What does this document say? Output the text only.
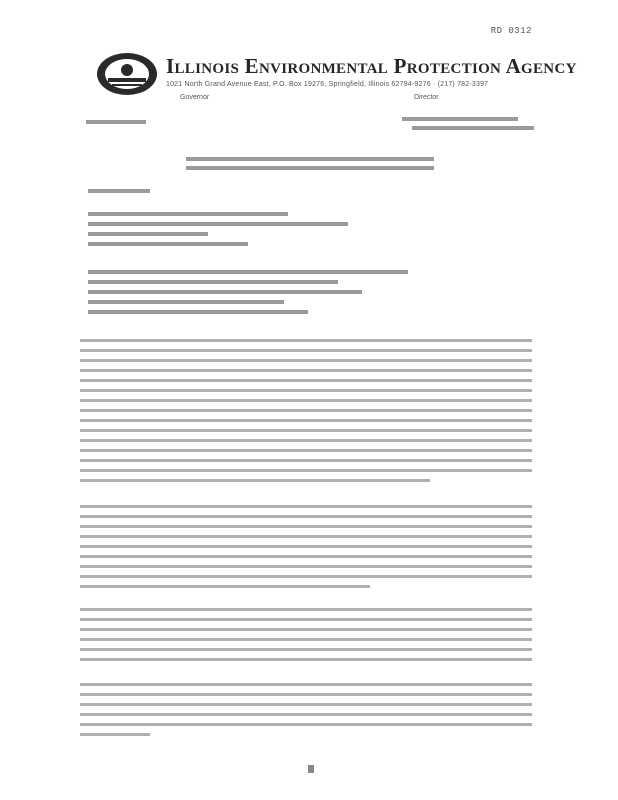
RD 0312
Illinois Environmental Protection Agency
1021 North Grand Avenue East, P.O. Box 19276, Springfield, Illinois 62794-9276 · (217) 782-3397
Governor	Director
